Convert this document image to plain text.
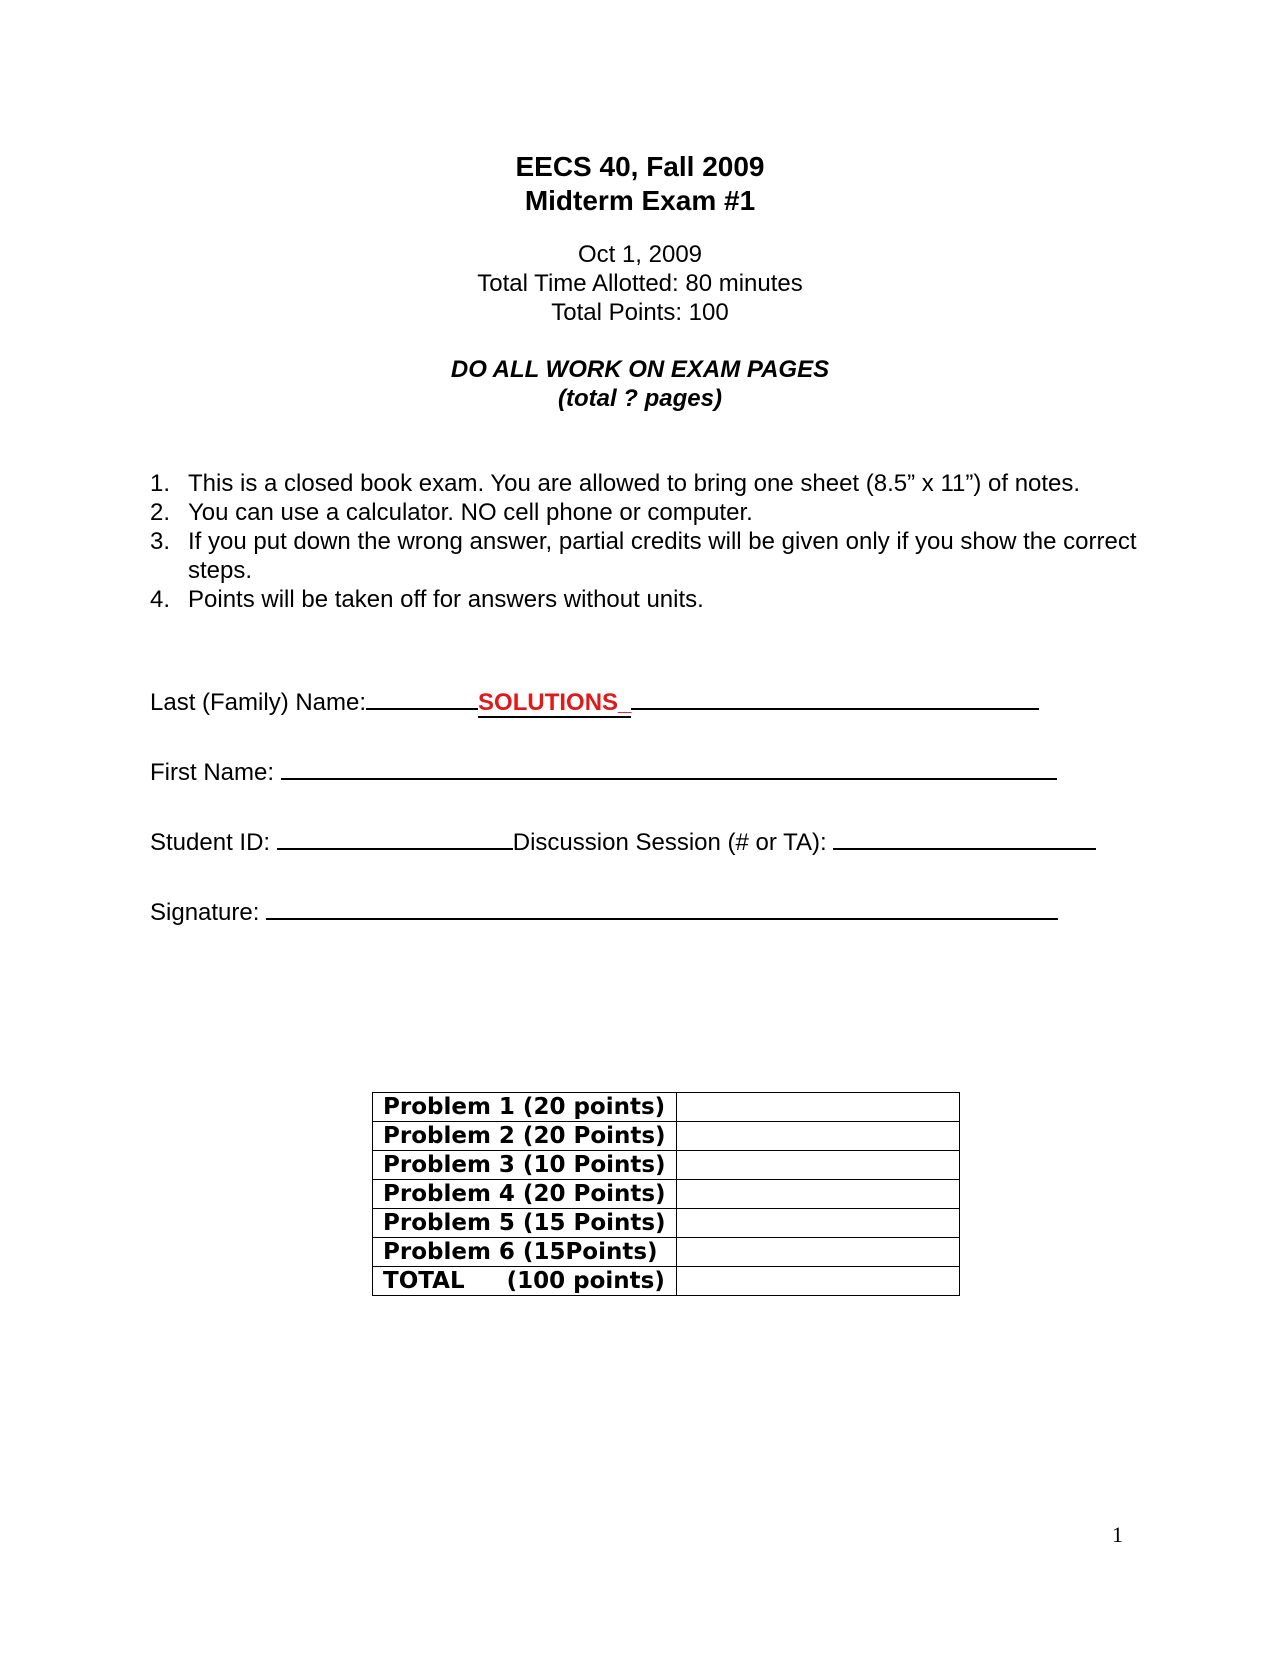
EECS 40, Fall 2009
Midterm Exam #1
Oct 1, 2009
Total Time Allotted: 80 minutes
Total Points: 100
DO ALL WORK ON EXAM PAGES
(total ? pages)
1. This is a closed book exam. You are allowed to bring one sheet (8.5” x 11”) of notes.
2. You can use a calculator. NO cell phone or computer.
3. If you put down the wrong answer, partial credits will be given only if you show the correct steps.
4. Points will be taken off for answers without units.
Last (Family) Name:	SOLUTIONS_
First Name:
Student ID:	Discussion Session (# or TA):
Signature:
Problem 1 (20 points)	
Problem 2 (20 Points)	
Problem 3 (10 Points)	
Problem 4 (20 Points)	
Problem 5 (15 Points)	
Problem 6 (15Points)	
TOTAL (100 points)	
1
